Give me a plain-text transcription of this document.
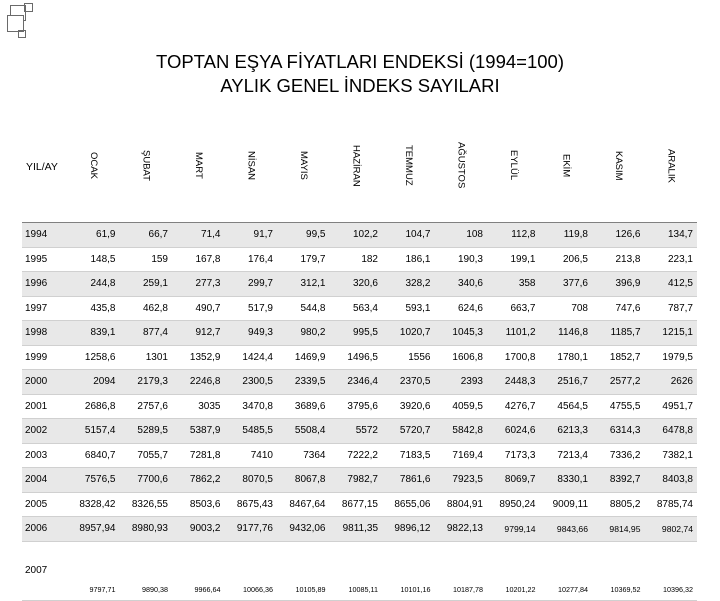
TOPTAN EŞYA FİYATLARI ENDEKSİ (1994=100)
AYLIK GENEL İNDEKS SAYILARI
YIL/AY	OCAK	ŞUBAT	MART	NİSAN	MAYIS	HAZİRAN	TEMMUZ	AĞUSTOS	EYLÜL	EKİM	KASIM	ARALIK
1994	61,9	66,7	71,4	91,7	99,5	102,2	104,7	108	112,8	119,8	126,6	134,7
1995	148,5	159	167,8	176,4	179,7	182	186,1	190,3	199,1	206,5	213,8	223,1
1996	244,8	259,1	277,3	299,7	312,1	320,6	328,2	340,6	358	377,6	396,9	412,5
1997	435,8	462,8	490,7	517,9	544,8	563,4	593,1	624,6	663,7	708	747,6	787,7
1998	839,1	877,4	912,7	949,3	980,2	995,5	1020,7	1045,3	1101,2	1146,8	1185,7	1215,1
1999	1258,6	1301	1352,9	1424,4	1469,9	1496,5	1556	1606,8	1700,8	1780,1	1852,7	1979,5
2000	2094	2179,3	2246,8	2300,5	2339,5	2346,4	2370,5	2393	2448,3	2516,7	2577,2	2626
2001	2686,8	2757,6	3035	3470,8	3689,6	3795,6	3920,6	4059,5	4276,7	4564,5	4755,5	4951,7
2002	5157,4	5289,5	5387,9	5485,5	5508,4	5572	5720,7	5842,8	6024,6	6213,3	6314,3	6478,8
2003	6840,7	7055,7	7281,8	7410	7364	7222,2	7183,5	7169,4	7173,3	7213,4	7336,2	7382,1
2004	7576,5	7700,6	7862,2	8070,5	8067,8	7982,7	7861,6	7923,5	8069,7	8330,1	8392,7	8403,8
2005	8328,42	8326,55	8503,6	8675,43	8467,64	8677,15	8655,06	8804,91	8950,24	9009,11	8805,2	8785,74
2006	8957,94	8980,93	9003,2	9177,76	9432,06	9811,35	9896,12	9822,13	9799,14	9843,66	9814,95	9802,74
2007	9797,71	9890,38	9966,64	10066,36	10105,89	10085,11	10101,16	10187,78	10201,22	10277,84	10369,52	10396,32
